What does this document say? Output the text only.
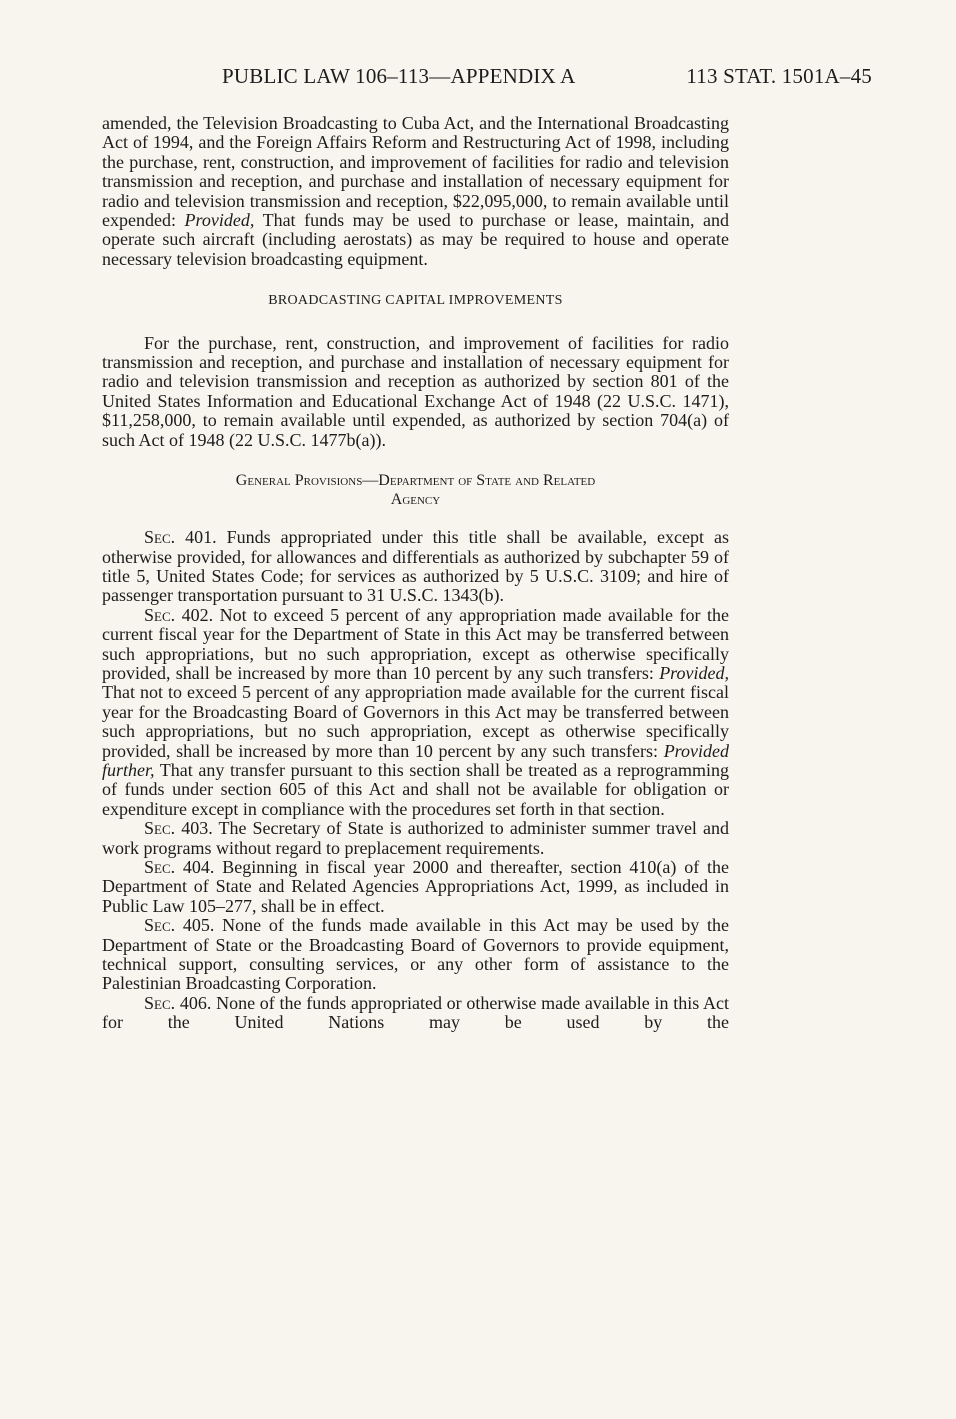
PUBLIC LAW 106–113—APPENDIX A	113 STAT. 1501A–45

amended, the Television Broadcasting to Cuba Act, and the International Broadcasting Act of 1994, and the Foreign Affairs Reform and Restructuring Act of 1998, including the purchase, rent, construction, and improvement of facilities for radio and television transmission and reception, and purchase and installation of necessary equipment for radio and television transmission and reception, $22,095,000, to remain available until expended: Provided, That funds may be used to purchase or lease, maintain, and operate such aircraft (including aerostats) as may be required to house and operate necessary television broadcasting equipment.

BROADCASTING CAPITAL IMPROVEMENTS

For the purchase, rent, construction, and improvement of facilities for radio transmission and reception, and purchase and installation of necessary equipment for radio and television transmission and reception as authorized by section 801 of the United States Information and Educational Exchange Act of 1948 (22 U.S.C. 1471), $11,258,000, to remain available until expended, as authorized by section 704(a) of such Act of 1948 (22 U.S.C. 1477b(a)).

General Provisions—Department of State and Related
Agency

Sec. 401. Funds appropriated under this title shall be available, except as otherwise provided, for allowances and differentials as authorized by subchapter 59 of title 5, United States Code; for services as authorized by 5 U.S.C. 3109; and hire of passenger transportation pursuant to 31 U.S.C. 1343(b).

Sec. 402. Not to exceed 5 percent of any appropriation made available for the current fiscal year for the Department of State in this Act may be transferred between such appropriations, but no such appropriation, except as otherwise specifically provided, shall be increased by more than 10 percent by any such transfers: Provided, That not to exceed 5 percent of any appropriation made available for the current fiscal year for the Broadcasting Board of Governors in this Act may be transferred between such appropriations, but no such appropriation, except as otherwise specifically provided, shall be increased by more than 10 percent by any such transfers: Provided further, That any transfer pursuant to this section shall be treated as a reprogramming of funds under section 605 of this Act and shall not be available for obligation or expenditure except in compliance with the procedures set forth in that section.

Sec. 403. The Secretary of State is authorized to administer summer travel and work programs without regard to preplacement requirements.

Sec. 404. Beginning in fiscal year 2000 and thereafter, section 410(a) of the Department of State and Related Agencies Appropriations Act, 1999, as included in Public Law 105–277, shall be in effect.

Sec. 405. None of the funds made available in this Act may be used by the Department of State or the Broadcasting Board of Governors to provide equipment, technical support, consulting services, or any other form of assistance to the Palestinian Broadcasting Corporation.

Sec. 406. None of the funds appropriated or otherwise made available in this Act for the United Nations may be used by the
